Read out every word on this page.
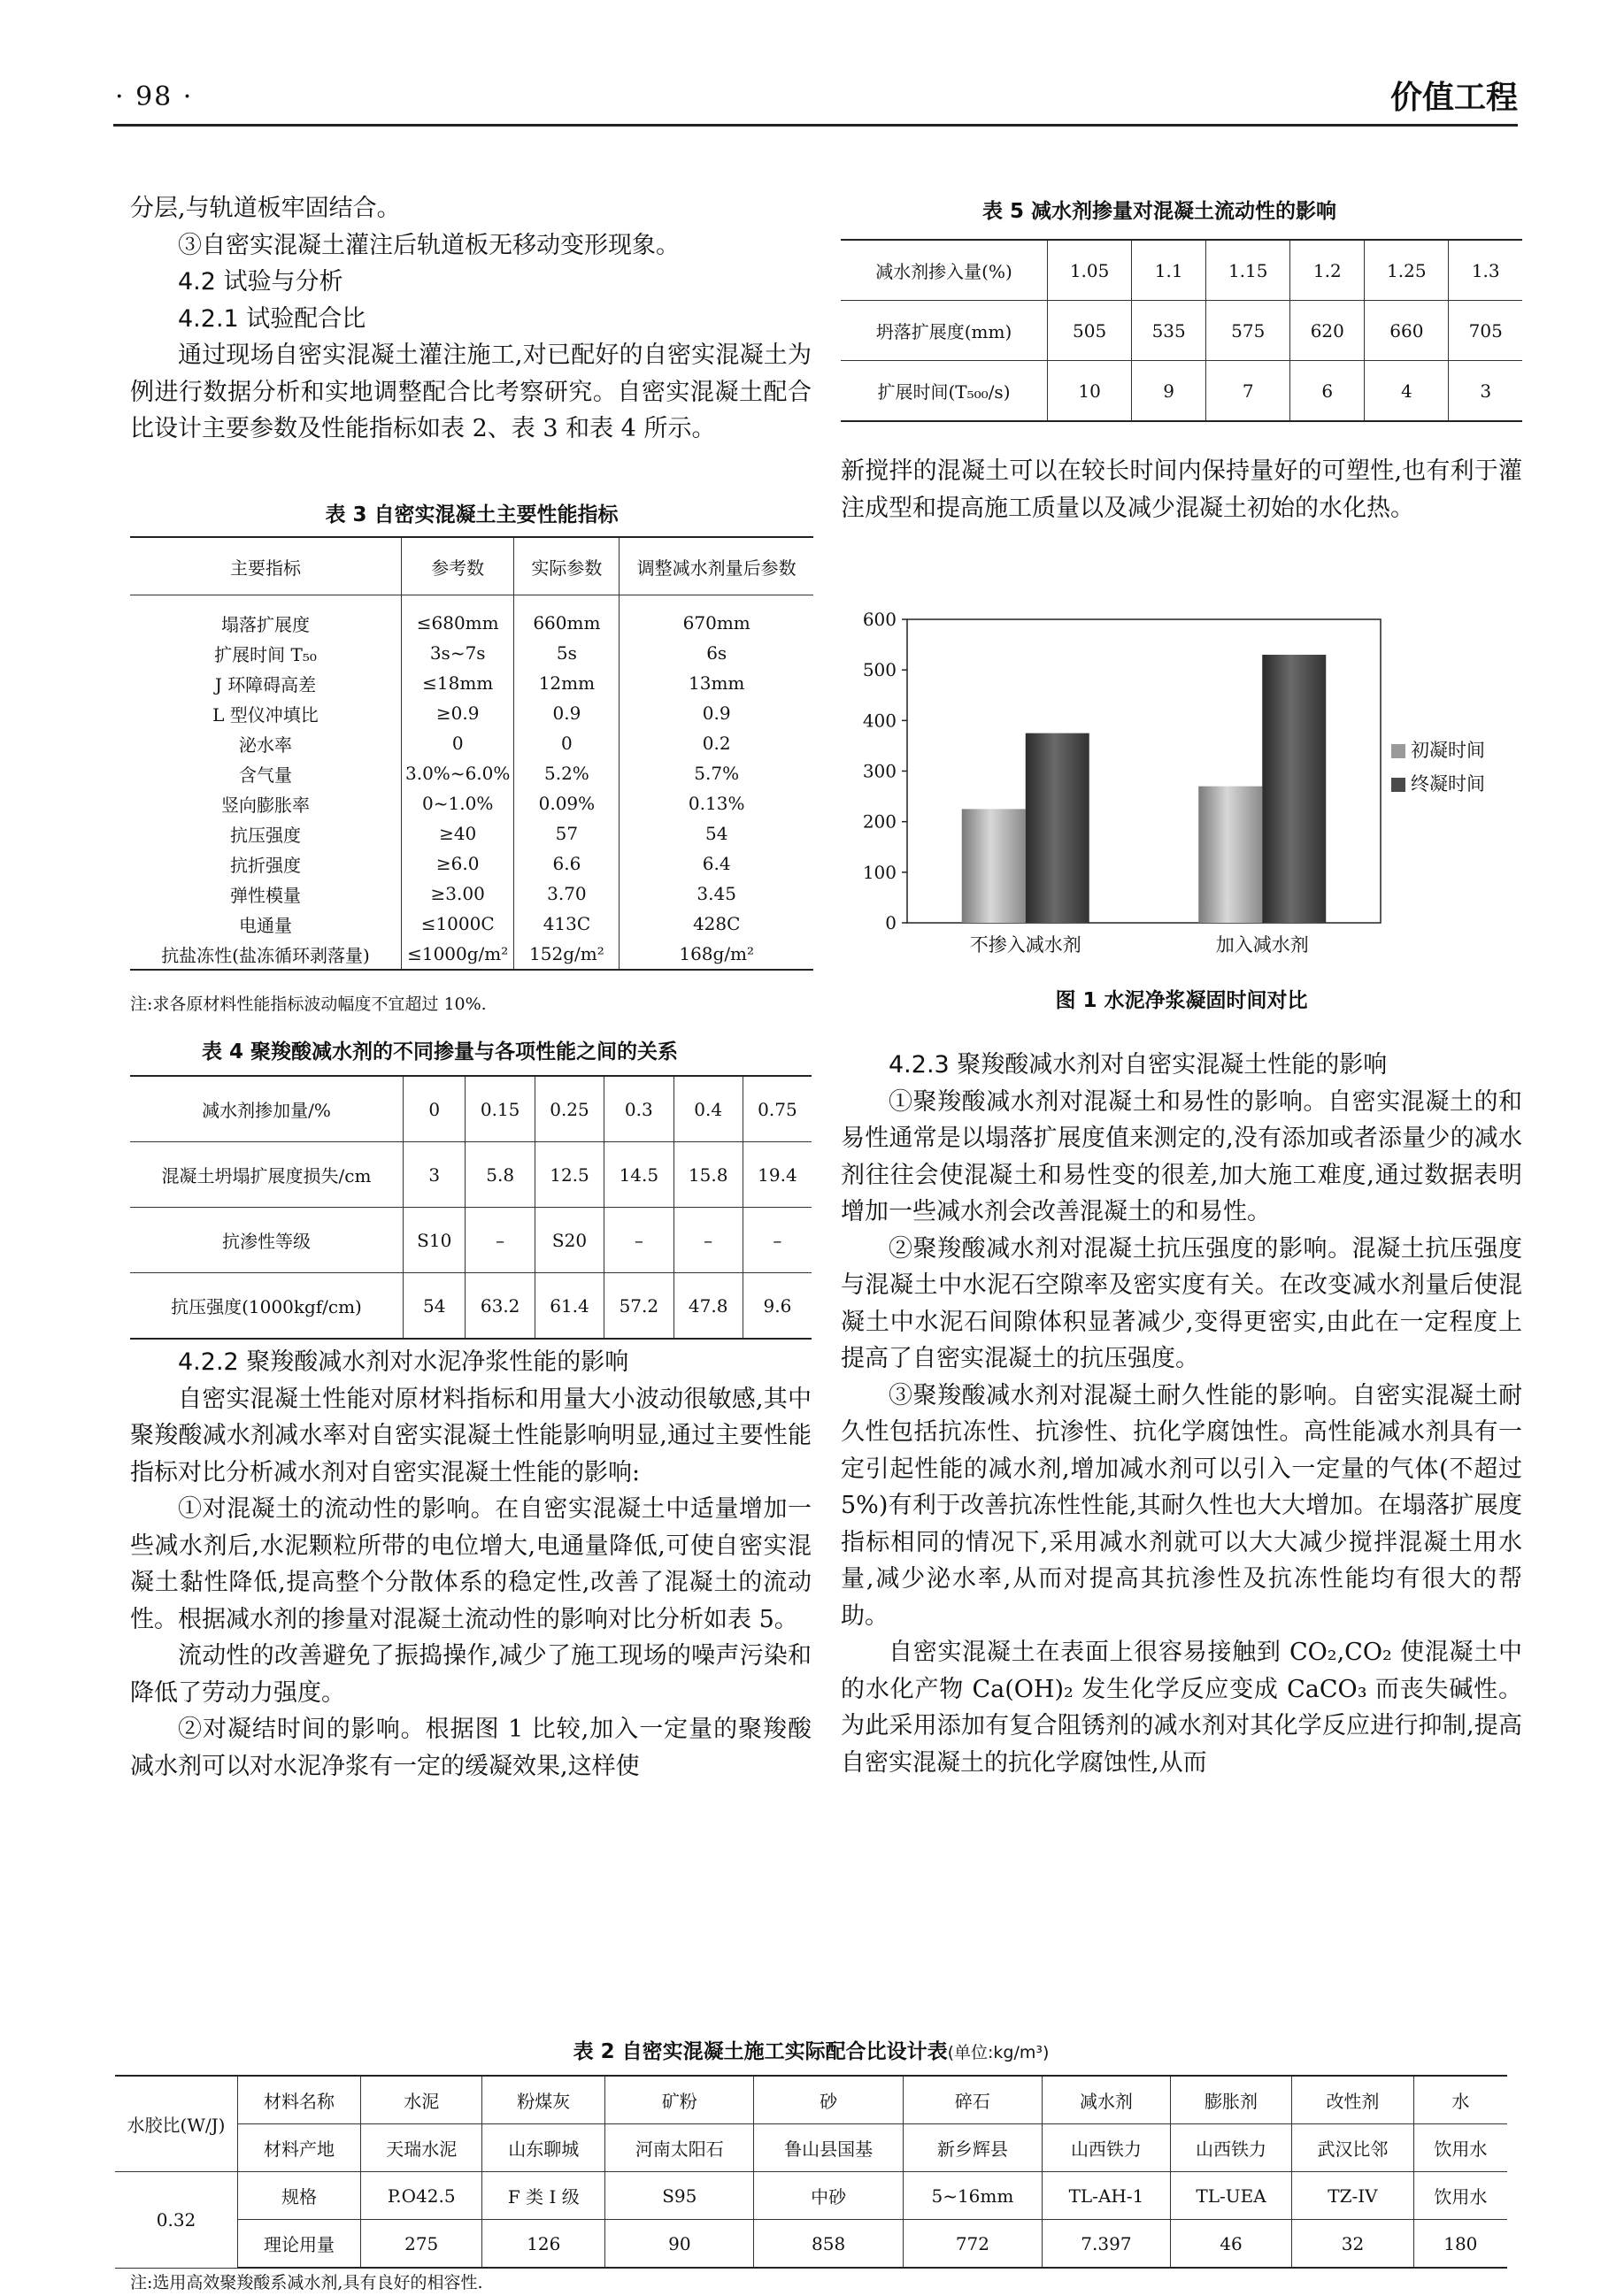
· 98 ·	价值工程

分层,与轨道板牢固结合。

③自密实混凝土灌注后轨道板无移动变形现象。

4.2 试验与分析

4.2.1 试验配合比

通过现场自密实混凝土灌注施工,对已配好的自密实混凝土为例进行数据分析和实地调整配合比考察研究。自密实混凝土配合比设计主要参数及性能指标如表 2、表 3 和表 4 所示。

表 3 自密实混凝土主要性能指标
主要指标	参考数	实际参数	调整减水剂量后参数
塌落扩展度	≤680mm	660mm	670mm
扩展时间 T₅₀	3s~7s	5s	6s
J 环障碍高差	≤18mm	12mm	13mm
L 型仪冲填比	≥0.9	0.9	0.9
泌水率	0	0	0.2
含气量	3.0%~6.0%	5.2%	5.7%
竖向膨胀率	0~1.0%	0.09%	0.13%
抗压强度	≥40	57	54
抗折强度	≥6.0	6.6	6.4
弹性模量	≥3.00	3.70	3.45
电通量	≤1000C	413C	428C
抗盐冻性(盐冻循环剥落量)	≤1000g/m²	152g/m²	168g/m²
注:求各原材料性能指标波动幅度不宜超过 10%.
表 4 聚羧酸减水剂的不同掺量与各项性能之间的关系
减水剂掺加量/%	0	0.15	0.25	0.3	0.4	0.75
混凝土坍塌扩展度损失/cm	3	5.8	12.5	14.5	15.8	19.4
抗渗性等级	S10	–	S20	–	–	–
抗压强度(1000kgf/cm)	54	63.2	61.4	57.2	47.8	9.6

4.2.2 聚羧酸减水剂对水泥净浆性能的影响

自密实混凝土性能对原材料指标和用量大小波动很敏感,其中聚羧酸减水剂减水率对自密实混凝土性能影响明显,通过主要性能指标对比分析减水剂对自密实混凝土性能的影响:

①对混凝土的流动性的影响。在自密实混凝土中适量增加一些减水剂后,水泥颗粒所带的电位增大,电通量降低,可使自密实混凝土黏性降低,提高整个分散体系的稳定性,改善了混凝土的流动性。根据减水剂的掺量对混凝土流动性的影响对比分析如表 5。

流动性的改善避免了振捣操作,减少了施工现场的噪声污染和降低了劳动力强度。

②对凝结时间的影响。根据图 1 比较,加入一定量的聚羧酸减水剂可以对水泥净浆有一定的缓凝效果,这样使

表 5 减水剂掺量对混凝土流动性的影响
减水剂掺入量(%)	1.05	1.1	1.15	1.2	1.25	1.3
坍落扩展度(mm)	505	535	575	620	660	705
扩展时间(T₅₀₀/s)	10	9	7	6	4	3

新搅拌的混凝土可以在较长时间内保持量好的可塑性,也有利于灌注成型和提高施工质量以及减少混凝土初始的水化热。

0
100
200
300
400
500
600
不掺入减水剂	加入减水剂
初凝时间
终凝时间
图 1 水泥净浆凝固时间对比

4.2.3 聚羧酸减水剂对自密实混凝土性能的影响

①聚羧酸减水剂对混凝土和易性的影响。自密实混凝土的和易性通常是以塌落扩展度值来测定的,没有添加或者添量少的减水剂往往会使混凝土和易性变的很差,加大施工难度,通过数据表明增加一些减水剂会改善混凝土的和易性。

②聚羧酸减水剂对混凝土抗压强度的影响。混凝土抗压强度与混凝土中水泥石空隙率及密实度有关。在改变减水剂量后使混凝土中水泥石间隙体积显著减少,变得更密实,由此在一定程度上提高了自密实混凝土的抗压强度。

③聚羧酸减水剂对混凝土耐久性能的影响。自密实混凝土耐久性包括抗冻性、抗渗性、抗化学腐蚀性。高性能减水剂具有一定引起性能的减水剂,增加减水剂可以引入一定量的气体(不超过 5%)有利于改善抗冻性性能,其耐久性也大大增加。在塌落扩展度指标相同的情况下,采用减水剂就可以大大减少搅拌混凝土用水量,减少泌水率,从而对提高其抗渗性及抗冻性能均有很大的帮助。

自密实混凝土在表面上很容易接触到 CO₂,CO₂ 使混凝土中的水化产物 Ca(OH)₂ 发生化学反应变成 CaCO₃ 而丧失碱性。为此采用添加有复合阻锈剂的减水剂对其化学反应进行抑制,提高自密实混凝土的抗化学腐蚀性,从而

表 2 自密实混凝土施工实际配合比设计表(单位:kg/m³)
水胶比(W/J)	材料名称	水泥	粉煤灰	矿粉	砂	碎石	减水剂	膨胀剂	改性剂	水
	材料产地	天瑞水泥	山东聊城	河南太阳石	鲁山县国基	新乡辉县	山西铁力	山西铁力	武汉比邻	饮用水
0.32	规格	P.O42.5	F 类 I 级	S95	中砂	5~16mm	TL-AH-1	TL-UEA	TZ-IV	饮用水
	理论用量	275	126	90	858	772	7.397	46	32	180
注:选用高效聚羧酸系减水剂,具有良好的相容性.
